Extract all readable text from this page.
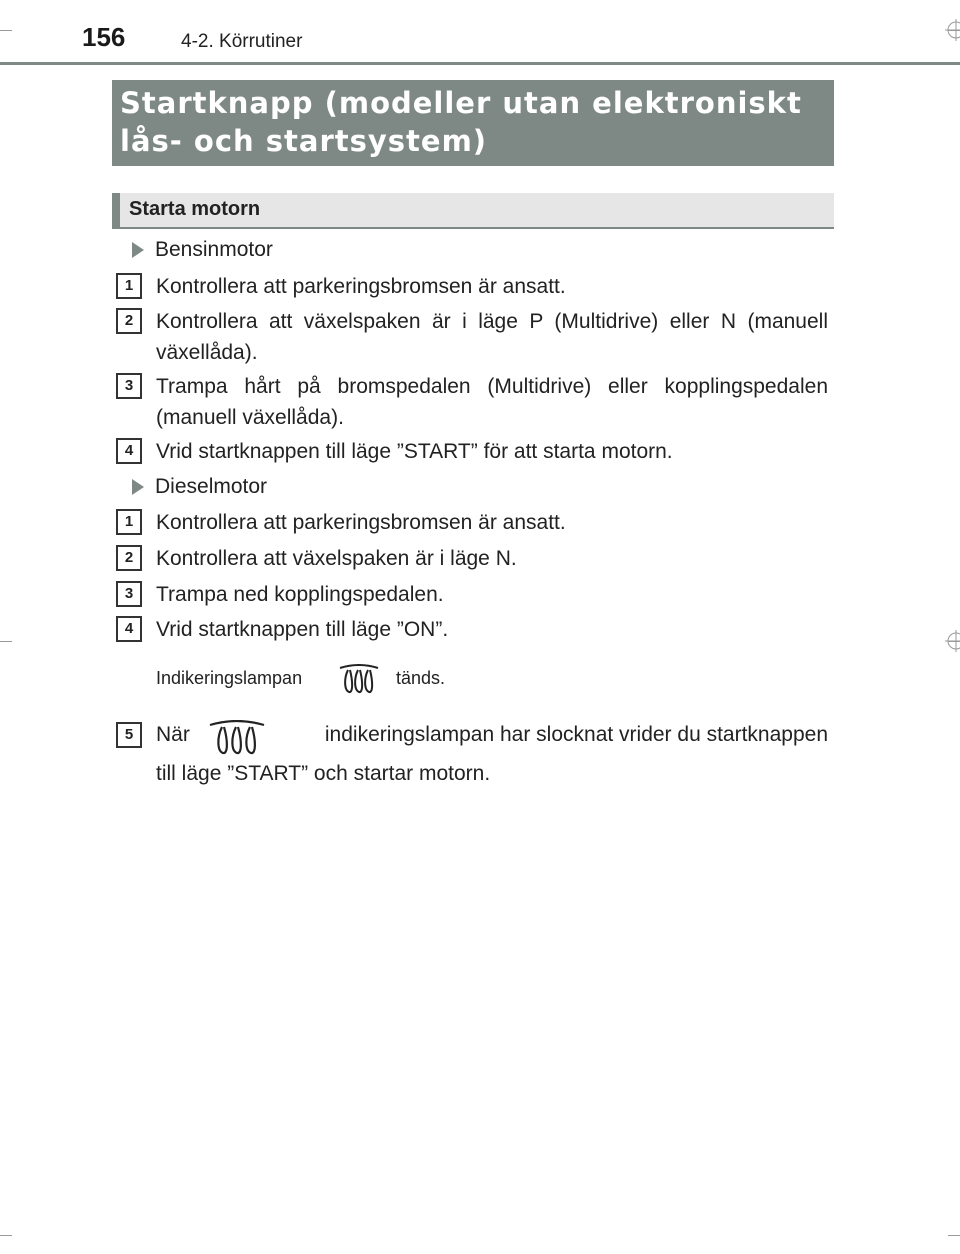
156	4-2. Körrutiner
Startknapp (modeller utan elektroniskt
lås- och startsystem)
Starta motorn
Bensinmotor
1	Kontrollera att parkeringsbromsen är ansatt.
2	Kontrollera att växelspaken är i läge P (Multidrive) eller N (manuell växellåda).
3	Trampa hårt på bromspedalen (Multidrive) eller kopplingspedalen (manuell växellåda).
4	Vrid startknappen till läge ”START” för att starta motorn.
Dieselmotor
1	Kontrollera att parkeringsbromsen är ansatt.
2	Kontrollera att växelspaken är i läge N.
3	Trampa ned kopplingspedalen.
4	Vrid startknappen till läge ”ON”.
Indikeringslampan	tänds.
5	När	indikeringslampan har slocknat vrider du startknappen
till läge ”START” och startar motorn.
